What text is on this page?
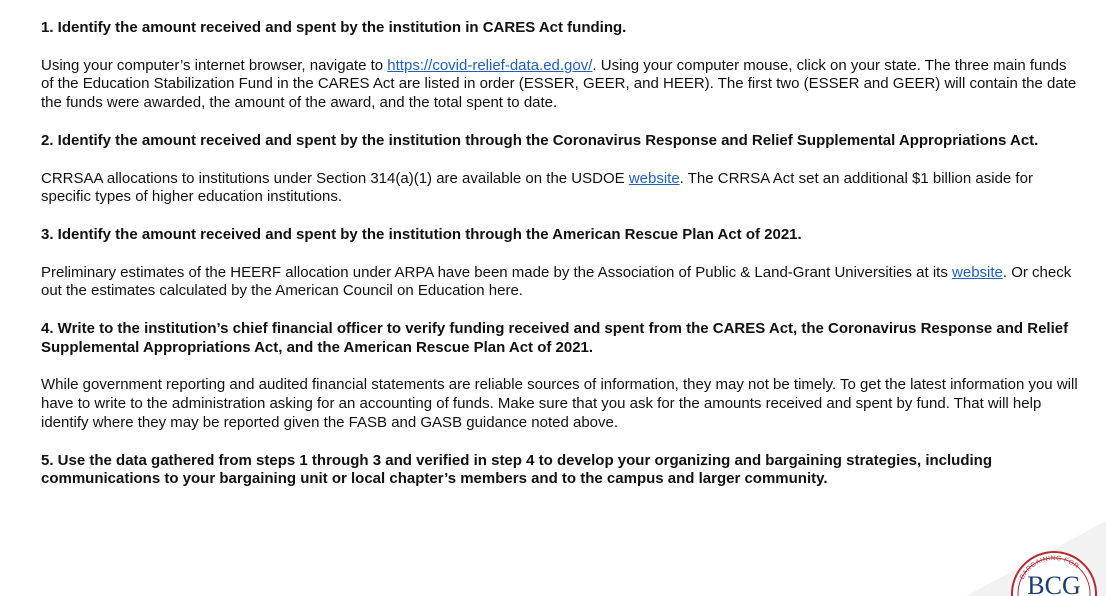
1. Identify the amount received and spent by the institution in CARES Act funding.

Using your computer’s internet browser, navigate to https://covid-relief-data.ed.gov/. Using your computer mouse, click on your state. The three main funds of the Education Stabilization Fund in the CARES Act are listed in order (ESSER, GEER, and HEER). The first two (ESSER and GEER) will contain the date the funds were awarded, the amount of the award, and the total spent to date.

2. Identify the amount received and spent by the institution through the Coronavirus Response and Relief Supplemental Appropriations Act.

CRRSAA allocations to institutions under Section 314(a)(1) are available on the USDOE website. The CRRSA Act set an additional $1 billion aside for specific types of higher education institutions.

3. Identify the amount received and spent by the institution through the American Rescue Plan Act of 2021.

Preliminary estimates of the HEERF allocation under ARPA have been made by the Association of Public & Land-Grant Universities at its website. Or check out the estimates calculated by the American Council on Education here.

4. Write to the institution’s chief financial officer to verify funding received and spent from the CARES Act, the Coronavirus Response and Relief Supplemental Appropriations Act, and the American Rescue Plan Act of 2021.

While government reporting and audited financial statements are reliable sources of information, they may not be timely. To get the latest information you will have to write to the administration asking for an accounting of funds. Make sure that you ask for the amounts received and spent by fund. That will help identify where they may be reported given the FASB and GASB guidance noted above.

5. Use the data gathered from steps 1 through 3 and verified in step 4 to develop your organizing and bargaining strategies, including communications to your bargaining unit or local chapter’s members and to the campus and larger community.

BARGAINING FOR
BCG
